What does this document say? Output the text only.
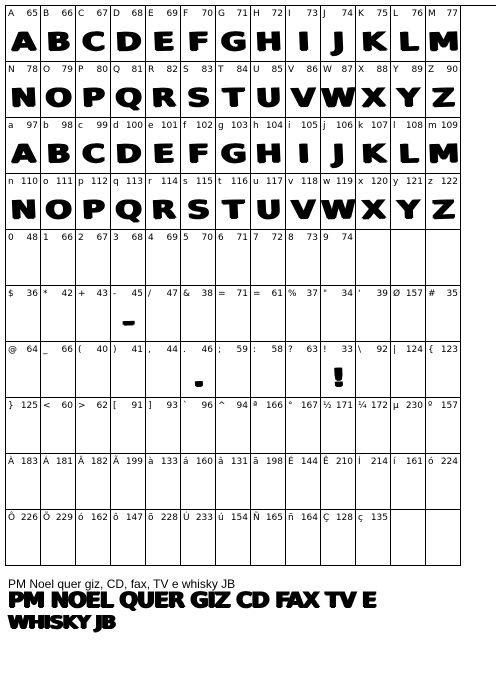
A 65
A
B 66
B
C 67
C
D 68
D
E 69
E
F 70
F
G 71
G
H 72
H
I 73
I
J 74
J
K 75
K
L 76
L
M 77
M
N 78
N
O 79
O
P 80
P
Q 81
Q
R 82
R
S 83
S
T 84
T
U 85
U
V 86
V
W 87
W
X 88
X
Y 89
Y
Z 90
Z
a 97
A
b 98
B
c 99
C
d 100
D
e 101
E
f 102
F
g 103
G
h 104
H
i 105
I
j 106
J
k 107
K
l 108
L
m 109
M
n 110
N
o 111
O
p 112
P
q 113
Q
r 114
R
s 115
S
t 116
T
u 117
U
v 118
V
w 119
W
x 120
X
y 121
Y
z 122
Z
0 48 1 66 2 67 3 68 4 69 5 70 6 71 7 72 8 73 9 74
$ 36 * 42 + 43 - 45
-
/ 47 & 38 = 71 = 61 % 37 " 34 ' 39 Ø 157 # 35
@ 64 _ 66 ( 40 ) 41 , 44 . 46
.
; 59 : 58 ? 63 ! 33
!
\ 92 | 124 { 123
} 125 < 60 > 62 [ 91 ] 93 ` 96 ^ 94 ª 166 ° 167 ½ 171 ¼ 172 µ 230 º 157
À 183 Á 181 Â 182 Ã 199 à 133 á 160 â 131 ã 198 É 144 Ê 210 Í 214 í 161 ó 224
Ô 226 Õ 229 ó 162 ô 147 õ 228 Ú 233 ú 154 Ñ 165 ñ 164 Ç 128 ç 135
PM Noel quer giz, CD, fax, TV e whisky JB
PM NOEL QUER GIZ CD FAX TV E
WHISKY JB
